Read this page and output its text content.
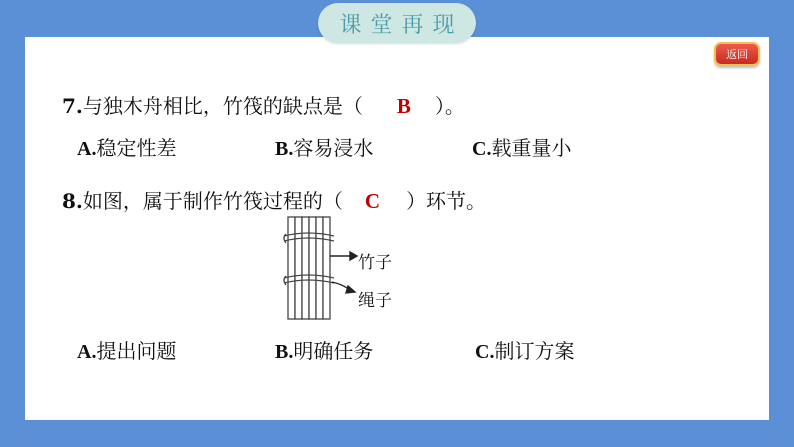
课堂再现
返回
7.与独木舟相比，竹筏的缺点是（ B ）。
A.稳定性差	B.容易浸水	C.载重量小
8.如图，属于制作竹筏过程的（ C ）环节。
竹子
绳子
A.提出问题	B.明确任务	C.制订方案
